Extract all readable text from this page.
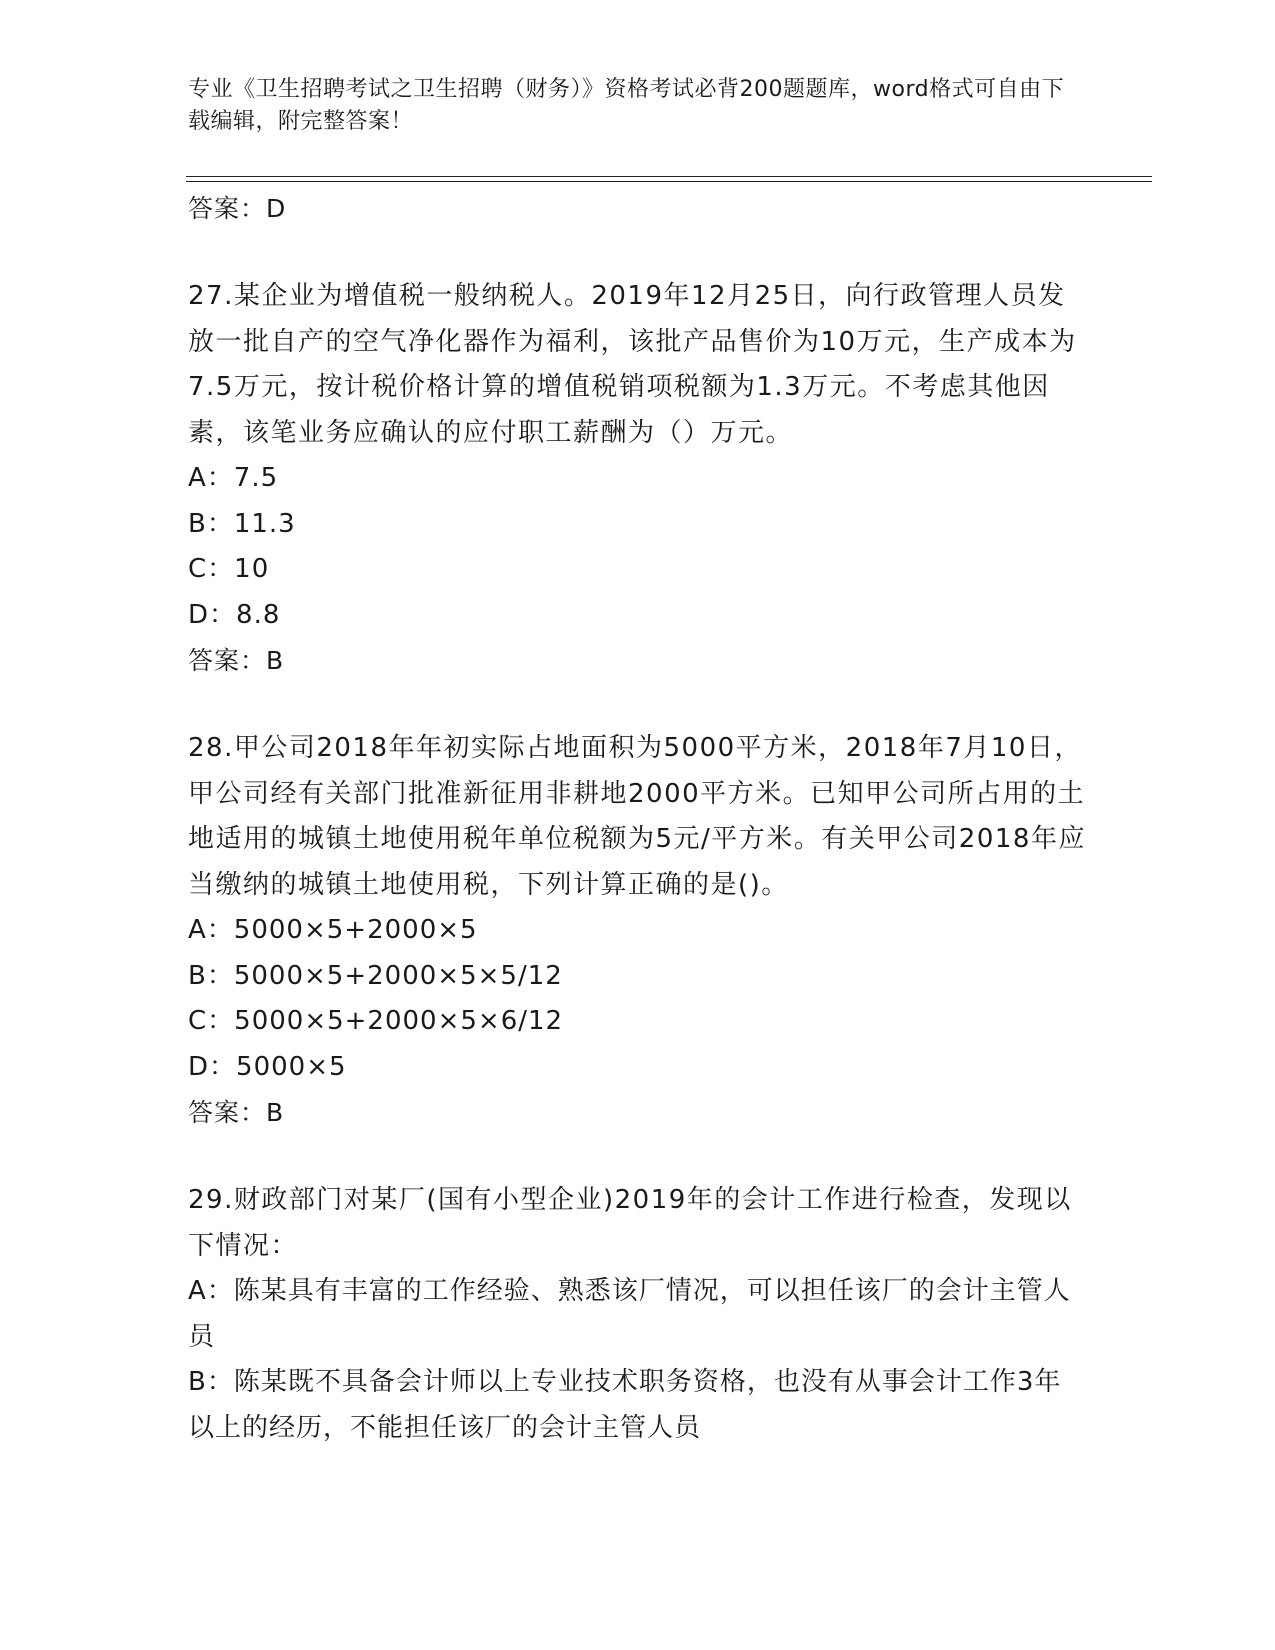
专业《卫生招聘考试之卫生招聘（财务）》资格考试必背200题题库，word格式可自由下载编辑，附完整答案！

答案：D

27.某企业为增值税一般纳税人。2019年12月25日，向行政管理人员发放一批自产的空气净化器作为福利，该批产品售价为10万元，生产成本为7.5万元，按计税价格计算的增值税销项税额为1.3万元。不考虑其他因素，该笔业务应确认的应付职工薪酬为（）万元。

A：7.5

B：11.3

C：10

D：8.8

答案：B

28.甲公司2018年年初实际占地面积为5000平方米，2018年7月10日，甲公司经有关部门批准新征用非耕地2000平方米。已知甲公司所占用的土地适用的城镇土地使用税年单位税额为5元/平方米。有关甲公司2018年应当缴纳的城镇土地使用税，下列计算正确的是()。

A：5000×5+2000×5

B：5000×5+2000×5×5/12

C：5000×5+2000×5×6/12

D：5000×5

答案：B

29.财政部门对某厂(国有小型企业)2019年的会计工作进行检查，发现以下情况：

A：陈某具有丰富的工作经验、熟悉该厂情况，可以担任该厂的会计主管人员

B：陈某既不具备会计师以上专业技术职务资格，也没有从事会计工作3年以上的经历，不能担任该厂的会计主管人员
